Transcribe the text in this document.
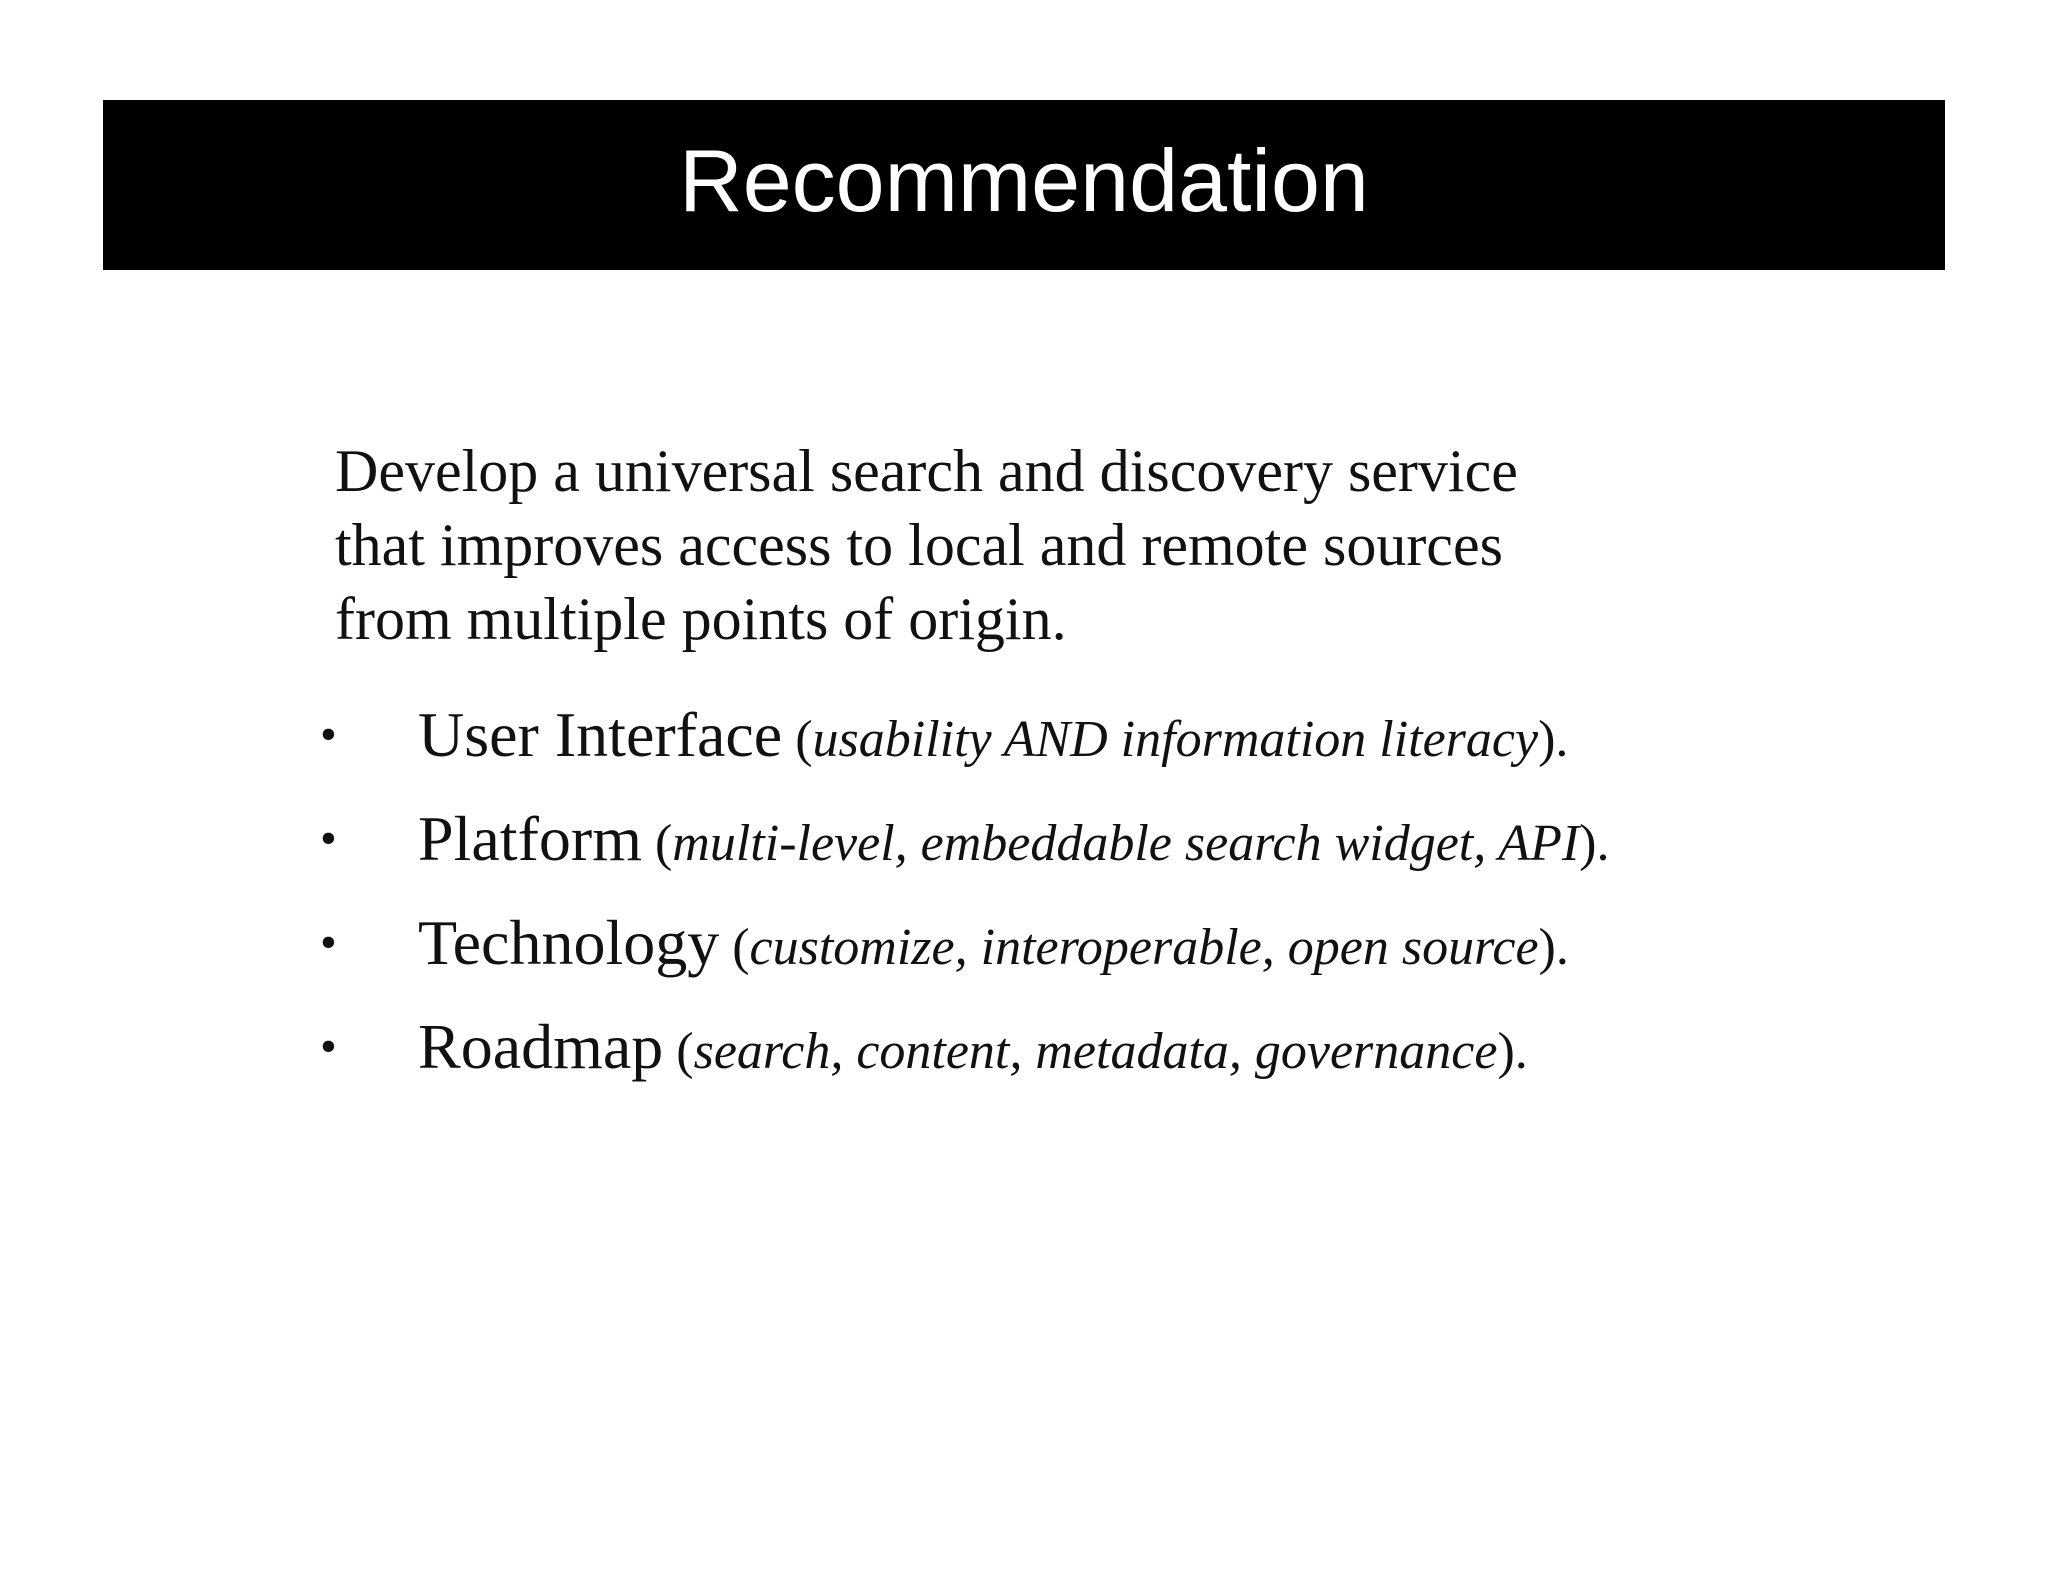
Recommendation
Develop a universal search and discovery service
that improves access to local and remote sources
from multiple points of origin.
• User Interface (usability AND information literacy).
• Platform (multi-level, embeddable search widget, API).
• Technology (customize, interoperable, open source).
• Roadmap (search, content, metadata, governance).
